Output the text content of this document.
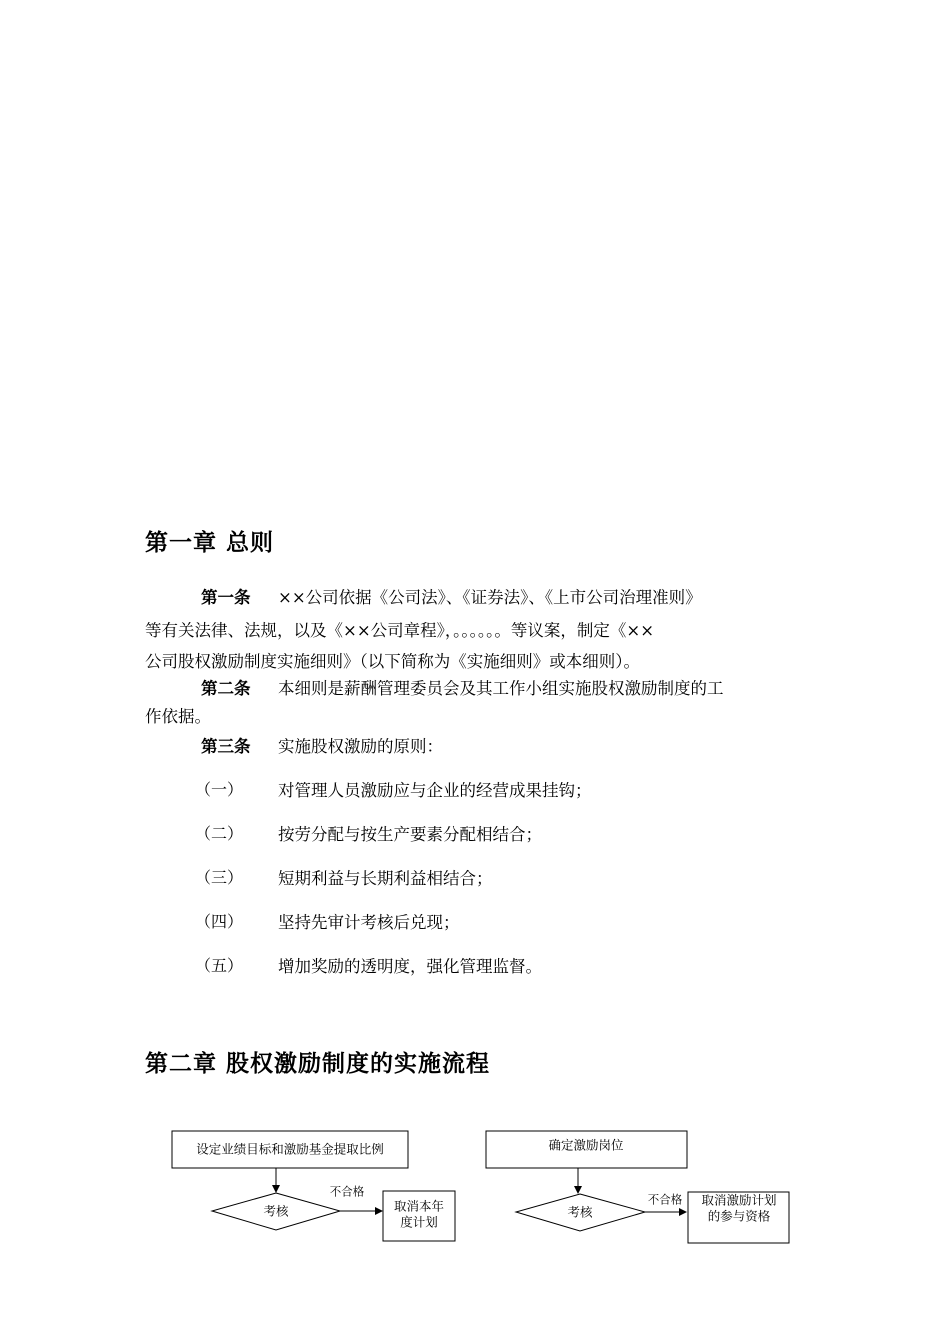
第一章 总则
第一条 ××公司依据《公司法》、《证券法》、《上市公司治理准则》
等有关法律、法规，以及《××公司章程》，。。。。。。等议案，制定《××
公司股权激励制度实施细则》（以下简称为《实施细则》或本细则）。
第二条 本细则是薪酬管理委员会及其工作小组实施股权激励制度的工
作依据。
第三条 实施股权激励的原则：
（一） 对管理人员激励应与企业的经营成果挂钩；
（二） 按劳分配与按生产要素分配相结合；
（三） 短期利益与长期利益相结合；
（四） 坚持先审计考核后兑现；
（五） 增加奖励的透明度，强化管理监督。
第二章 股权激励制度的实施流程
设定业绩目标和激励基金提取比例
考核
不合格
取消本年
度计划
确定激励岗位
考核
不合格 取消激励计划
的参与资格
